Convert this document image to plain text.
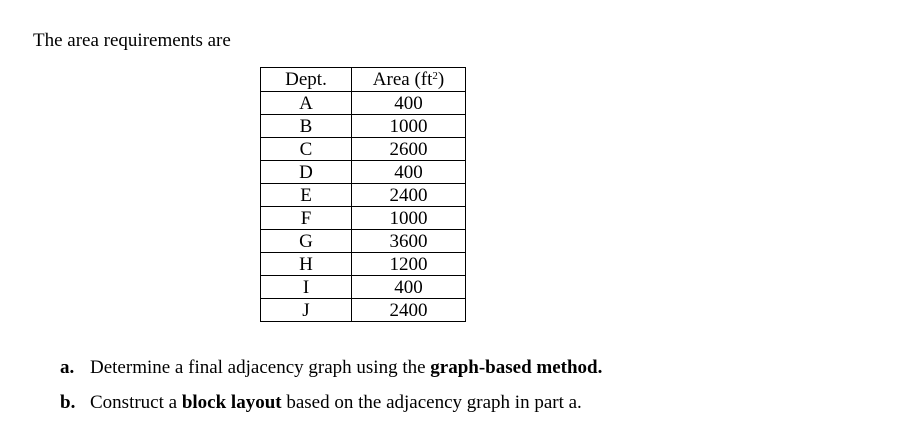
The area requirements are
Dept.	Area $(ft^2)$
A	400
B	1000
C	2600
D	400
E	2400
F	1000
G	3600
H	1200
I	400
J	2400
a. Determine a final adjacency graph using the graph-based method.
b. Construct a block layout based on the adjacency graph in part a.
